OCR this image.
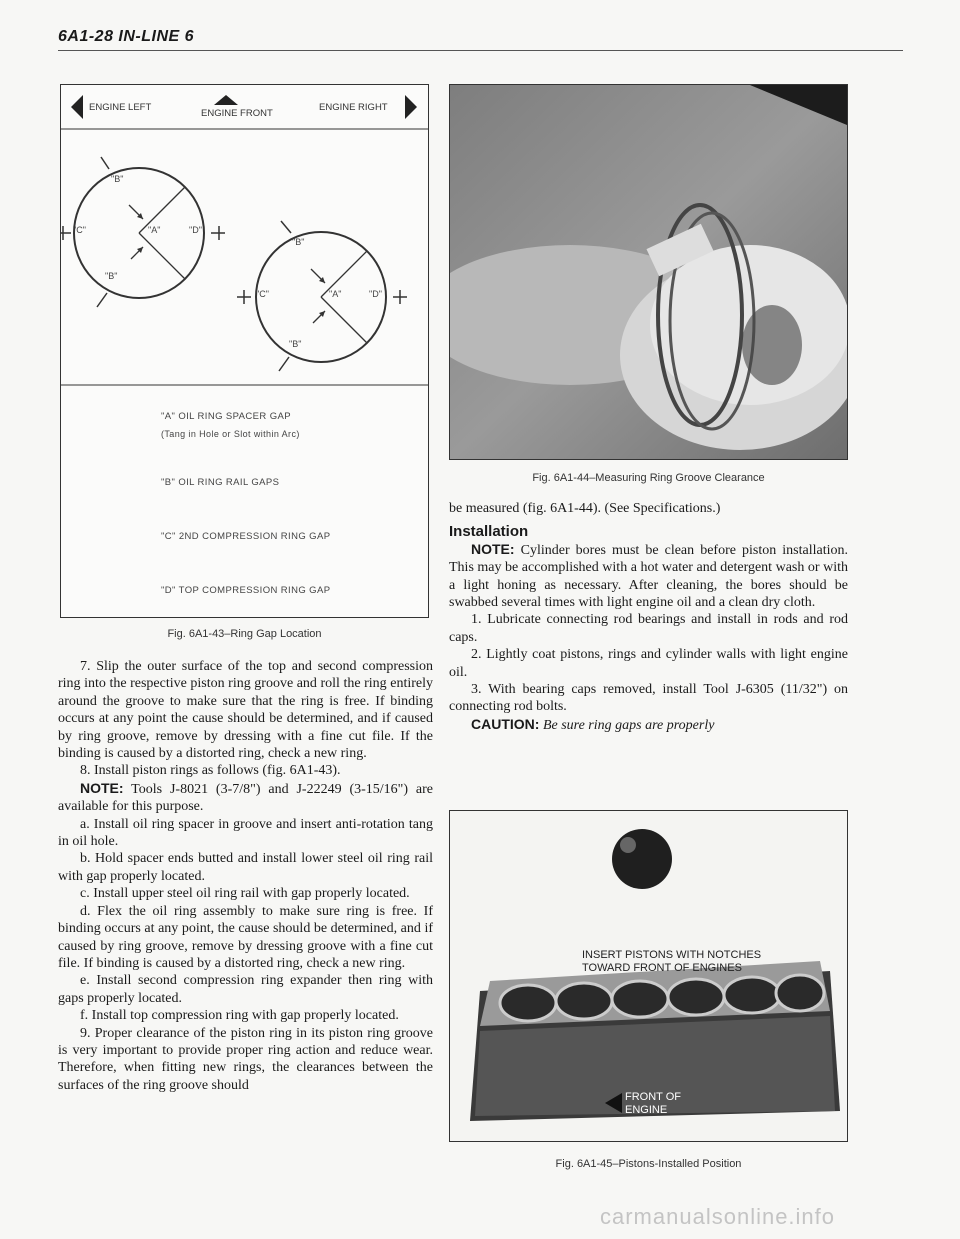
6A1-28 IN-LINE 6
ENGINE LEFT
ENGINE FRONT
ENGINE RIGHT
"B"
"C"	"A"	"D"
"B"
"B"
"C"	"A"	"D"
"B"
"A" OIL RING SPACER GAP
(Tang in Hole or Slot within Arc)
"B" OIL RING RAIL GAPS
"C" 2ND COMPRESSION RING GAP
"D" TOP COMPRESSION RING GAP
Fig. 6A1-43–Ring Gap Location

7. Slip the outer surface of the top and second compression ring into the respective piston ring groove and roll the ring entirely around the groove to make sure that the ring is free. If binding occurs at any point the cause should be determined, and if caused by ring groove, remove by dressing with a fine cut file. If the binding is caused by a distorted ring, check a new ring.

8. Install piston rings as follows (fig. 6A1-43).

NOTE: Tools J-8021 (3-7/8") and J-22249 (3-15/16") are available for this purpose.

a. Install oil ring spacer in groove and insert anti-rotation tang in oil hole.

b. Hold spacer ends butted and install lower steel oil ring rail with gap properly located.

c. Install upper steel oil ring rail with gap properly located.

d. Flex the oil ring assembly to make sure ring is free. If binding occurs at any point, the cause should be determined, and if caused by ring groove, remove by dressing groove with a fine cut file. If binding is caused by a distorted ring, check a new ring.

e. Install second compression ring expander then ring with gaps properly located.

f. Install top compression ring with gap properly located.

9. Proper clearance of the piston ring in its piston ring groove is very important to provide proper ring action and reduce wear. Therefore, when fitting new rings, the clearances between the surfaces of the ring groove should

Fig. 6A1-44–Measuring Ring Groove Clearance

be measured (fig. 6A1-44). (See Specifications.)

Installation

NOTE: Cylinder bores must be clean before piston installation. This may be accomplished with a hot water and detergent wash or with a light honing as necessary. After cleaning, the bores should be swabbed several times with light engine oil and a clean dry cloth.

1. Lubricate connecting rod bearings and install in rods and rod caps.

2. Lightly coat pistons, rings and cylinder walls with light engine oil.

3. With bearing caps removed, install Tool J-6305 (11/32") on connecting rod bolts.

CAUTION: Be sure ring gaps are properly

INSERT PISTONS WITH NOTCHES
TOWARD FRONT OF ENGINES
FRONT OF
ENGINE
Fig. 6A1-45–Pistons-Installed Position
carmanualsonline.info
